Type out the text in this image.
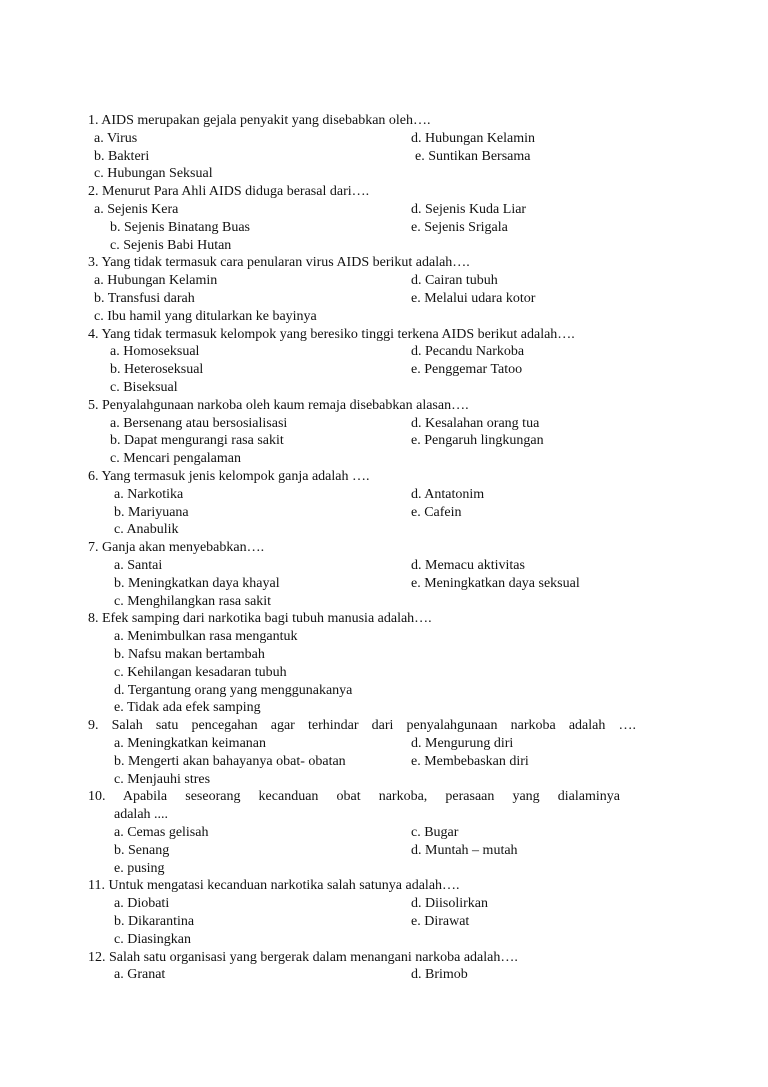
1. AIDS merupakan gejala penyakit yang disebabkan oleh….
a. Virus	d. Hubungan Kelamin
b. Bakteri	e. Suntikan Bersama
c. Hubungan Seksual
2. Menurut Para Ahli AIDS diduga berasal dari….
a. Sejenis Kera	d. Sejenis Kuda Liar
b. Sejenis Binatang Buas	e. Sejenis Srigala
c. Sejenis Babi Hutan
3. Yang tidak termasuk cara penularan virus AIDS berikut adalah….
a. Hubungan Kelamin	d. Cairan tubuh
b. Transfusi darah	e. Melalui udara kotor
c. Ibu hamil yang ditularkan ke bayinya
4. Yang tidak termasuk kelompok yang beresiko tinggi terkena AIDS berikut adalah….
a. Homoseksual	d. Pecandu Narkoba
b. Heteroseksual	e. Penggemar Tatoo
c. Biseksual
5. Penyalahgunaan narkoba oleh kaum remaja disebabkan alasan….
a. Bersenang atau bersosialisasi	d. Kesalahan orang tua
b. Dapat mengurangi rasa sakit	e. Pengaruh lingkungan
c. Mencari pengalaman
6. Yang termasuk jenis kelompok ganja adalah ….
a. Narkotika	d. Antatonim
b. Mariyuana	e. Cafein
c. Anabulik
7. Ganja akan menyebabkan….
a. Santai	d. Memacu aktivitas
b. Meningkatkan daya khayal	e. Meningkatkan daya seksual
c. Menghilangkan rasa sakit
8. Efek samping dari narkotika bagi tubuh manusia adalah….
a. Menimbulkan rasa mengantuk
b. Nafsu makan bertambah
c. Kehilangan kesadaran tubuh
d. Tergantung orang yang menggunakanya
e. Tidak ada efek samping
9. Salah satu pencegahan agar terhindar dari penyalahgunaan narkoba adalah ….
a. Meningkatkan keimanan	d. Mengurung diri
b. Mengerti akan bahayanya obat- obatan	e. Membebaskan diri
c. Menjauhi stres
10. Apabila seseorang kecanduan obat narkoba, perasaan yang dialaminya
adalah ....
a. Cemas gelisah	c. Bugar
b. Senang	d. Muntah – mutah
e. pusing
11. Untuk mengatasi kecanduan narkotika salah satunya adalah….
a. Diobati	d. Diisolirkan
b. Dikarantina	e. Dirawat
c. Diasingkan
12. Salah satu organisasi yang bergerak dalam menangani narkoba adalah….
a. Granat	d. Brimob
